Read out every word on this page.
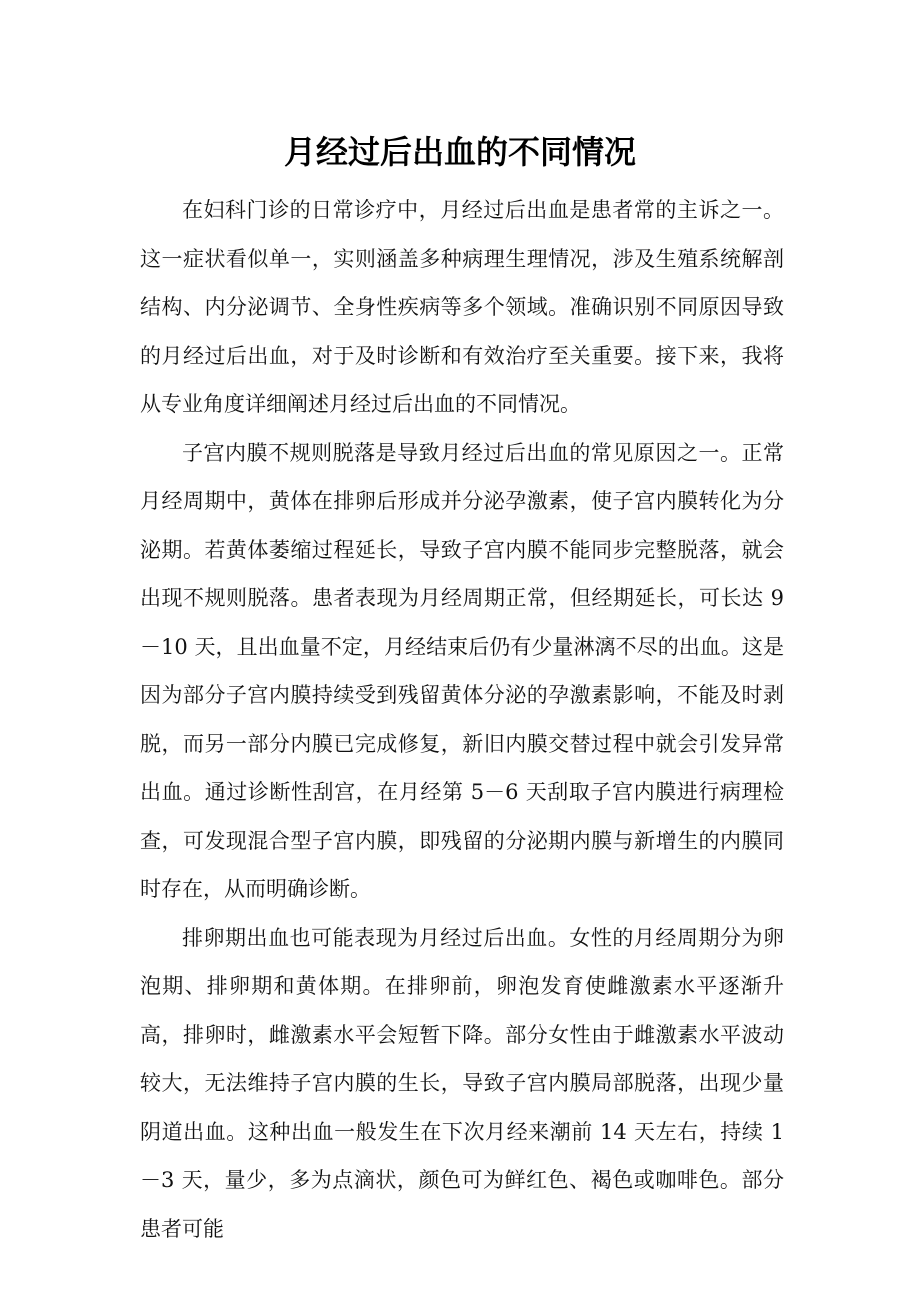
月经过后出血的不同情况

在妇科门诊的日常诊疗中，月经过后出血是患者常的主诉之一。这一症状看似单一，实则涵盖多种病理生理情况，涉及生殖系统解剖结构、内分泌调节、全身性疾病等多个领域。准确识别不同原因导致的月经过后出血，对于及时诊断和有效治疗至关重要。接下来，我将从专业角度详细阐述月经过后出血的不同情况。

子宫内膜不规则脱落是导致月经过后出血的常见原因之一。正常月经周期中，黄体在排卵后形成并分泌孕激素，使子宫内膜转化为分泌期。若黄体萎缩过程延长，导致子宫内膜不能同步完整脱落，就会出现不规则脱落。患者表现为月经周期正常，但经期延长，可长达 9－10 天，且出血量不定，月经结束后仍有少量淋漓不尽的出血。这是因为部分子宫内膜持续受到残留黄体分泌的孕激素影响，不能及时剥脱，而另一部分内膜已完成修复，新旧内膜交替过程中就会引发异常出血。通过诊断性刮宫，在月经第 5－6 天刮取子宫内膜进行病理检查，可发现混合型子宫内膜，即残留的分泌期内膜与新增生的内膜同时存在，从而明确诊断。

排卵期出血也可能表现为月经过后出血。女性的月经周期分为卵泡期、排卵期和黄体期。在排卵前，卵泡发育使雌激素水平逐渐升高，排卵时，雌激素水平会短暂下降。部分女性由于雌激素水平波动较大，无法维持子宫内膜的生长，导致子宫内膜局部脱落，出现少量阴道出血。这种出血一般发生在下次月经来潮前 14 天左右，持续 1－3 天，量少，多为点滴状，颜色可为鲜红色、褐色或咖啡色。部分患者可能
